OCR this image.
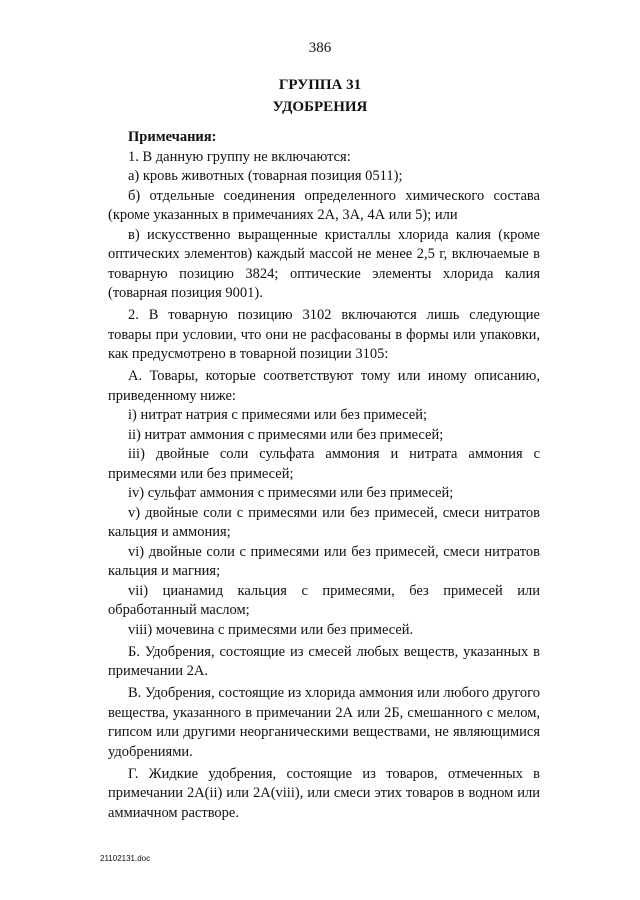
386
ГРУППА 31
УДОБРЕНИЯ
Примечания:

1. В данную группу не включаются:

а) кровь животных (товарная позиция 0511);

б) отдельные соединения определенного химического состава (кроме указанных в примечаниях 2А, 3А, 4А или 5); или

в) искусственно выращенные кристаллы хлорида калия (кроме оптических элементов) каждый массой не менее 2,5 г, включаемые в товарную позицию 3824; оптические элементы хлорида калия (товарная позиция 9001).

2. В товарную позицию 3102 включаются лишь следующие товары при условии, что они не расфасованы в формы или упаковки, как предусмотрено в товарной позиции 3105:

А. Товары, которые соответствуют тому или иному описанию, приведенному ниже:

i) нитрат натрия с примесями или без примесей;

ii) нитрат аммония с примесями или без примесей;

iii) двойные соли сульфата аммония и нитрата аммония с примесями или без примесей;

iv) сульфат аммония с примесями или без примесей;

v) двойные соли с примесями или без примесей, смеси нитратов кальция и аммония;

vi) двойные соли с примесями или без примесей, смеси нитратов кальция и магния;

vii) цианамид кальция с примесями, без примесей или обработанный маслом;

viii) мочевина с примесями или без примесей.

Б. Удобрения, состоящие из смесей любых веществ, указанных в примечании 2А.

В. Удобрения, состоящие из хлорида аммония или любого другого вещества, указанного в примечании 2А или 2Б, смешанного с мелом, гипсом или другими неорганическими веществами, не являющимися удобрениями.

Г. Жидкие удобрения, состоящие из товаров, отмеченных в примечании 2А(ii) или 2А(viii), или смеси этих товаров в водном или аммиачном растворе.

21102131.doc
